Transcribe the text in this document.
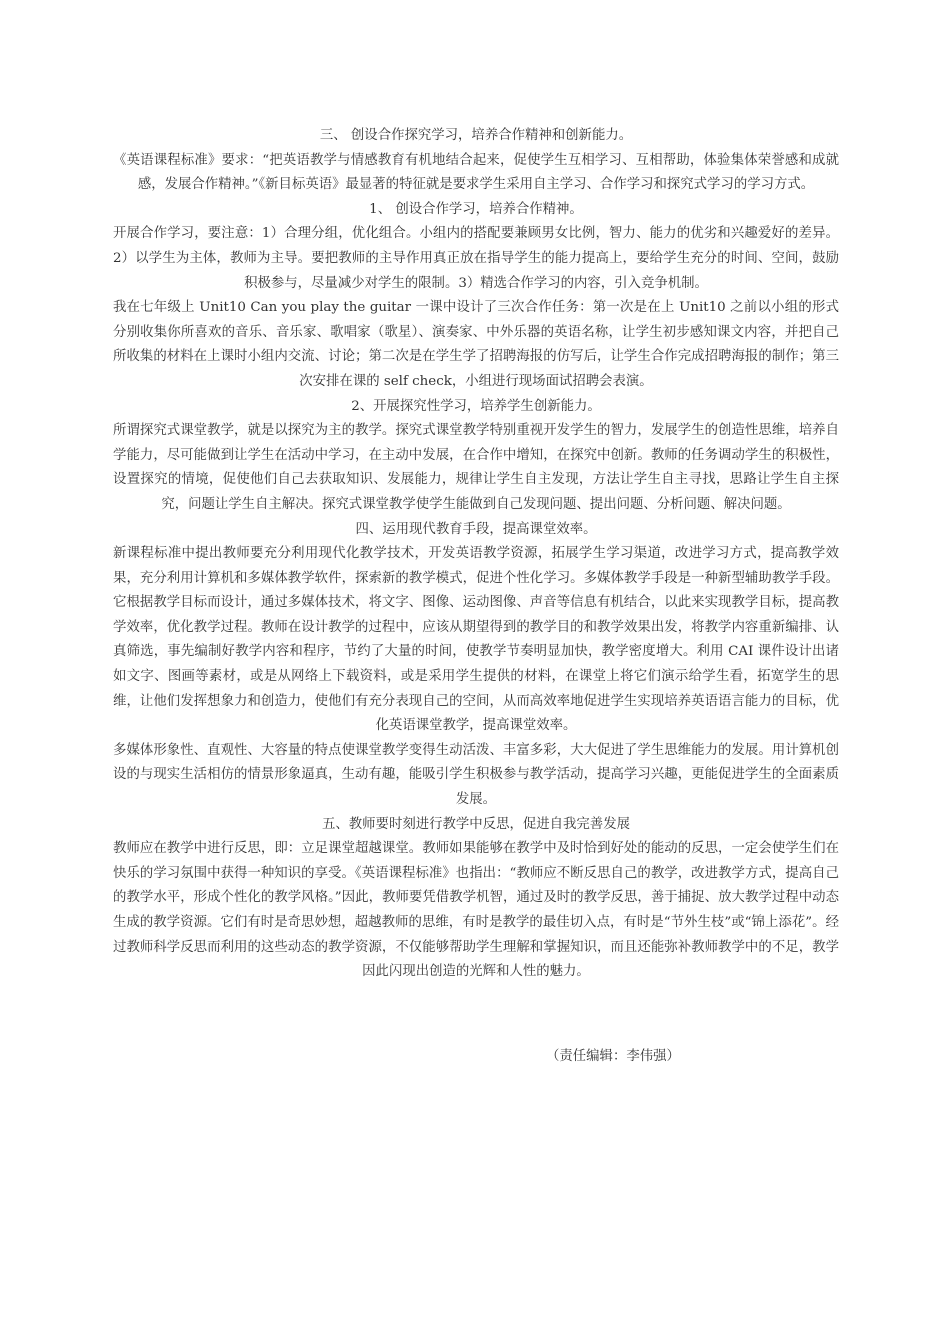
三、 创设合作探究学习，培养合作精神和创新能力。

《英语课程标准》要求：“把英语教学与情感教育有机地结合起来，促使学生互相学习、互相帮助，体验集体荣誉感和成就感，发展合作精神。”《新目标英语》最显著的特征就是要求学生采用自主学习、合作学习和探究式学习的学习方式。

1、 创设合作学习，培养合作精神。

开展合作学习，要注意：1）合理分组，优化组合。小组内的搭配要兼顾男女比例，智力、能力的优劣和兴趣爱好的差异。2）以学生为主体，教师为主导。要把教师的主导作用真正放在指导学生的能力提高上，要给学生充分的时间、空间，鼓励积极参与，尽量减少对学生的限制。3）精选合作学习的内容，引入竞争机制。

我在七年级上 Unit10 Can you play the guitar 一课中设计了三次合作任务：第一次是在上 Unit10 之前以小组的形式分别收集你所喜欢的音乐、音乐家、歌唱家（歌星）、演奏家、中外乐器的英语名称，让学生初步感知课文内容，并把自己所收集的材料在上课时小组内交流、讨论；第二次是在学生学了招聘海报的仿写后，让学生合作完成招聘海报的制作；第三次安排在课的 self check，小组进行现场面试招聘会表演。

2、开展探究性学习，培养学生创新能力。

所谓探究式课堂教学，就是以探究为主的教学。探究式课堂教学特别重视开发学生的智力，发展学生的创造性思维，培养自学能力，尽可能做到让学生在活动中学习，在主动中发展，在合作中增知，在探究中创新。教师的任务调动学生的积极性，设置探究的情境，促使他们自己去获取知识、发展能力，规律让学生自主发现，方法让学生自主寻找，思路让学生自主探究，问题让学生自主解决。探究式课堂教学使学生能做到自己发现问题、提出问题、分析问题、解决问题。

四、运用现代教育手段，提高课堂效率。

新课程标准中提出教师要充分利用现代化教学技术，开发英语教学资源，拓展学生学习渠道，改进学习方式，提高教学效果，充分利用计算机和多媒体教学软件，探索新的教学模式，促进个性化学习。多媒体教学手段是一种新型辅助教学手段。它根据教学目标而设计，通过多媒体技术，将文字、图像、运动图像、声音等信息有机结合，以此来实现教学目标，提高教学效率，优化教学过程。教师在设计教学的过程中，应该从期望得到的教学目的和教学效果出发，将教学内容重新编排、认真筛选，事先编制好教学内容和程序，节约了大量的时间，使教学节奏明显加快，教学密度增大。利用 CAI 课件设计出诸如文字、图画等素材，或是从网络上下载资料，或是采用学生提供的材料，在课堂上将它们演示给学生看，拓宽学生的思维，让他们发挥想象力和创造力，使他们有充分表现自己的空间，从而高效率地促进学生实现培养英语语言能力的目标，优化英语课堂教学，提高课堂效率。

多媒体形象性、直观性、大容量的特点使课堂教学变得生动活泼、丰富多彩，大大促进了学生思维能力的发展。用计算机创设的与现实生活相仿的情景形象逼真，生动有趣，能吸引学生积极参与教学活动，提高学习兴趣，更能促进学生的全面素质发展。

五、教师要时刻进行教学中反思，促进自我完善发展

教师应在教学中进行反思，即：立足课堂超越课堂。教师如果能够在教学中及时恰到好处的能动的反思，一定会使学生们在快乐的学习氛围中获得一种知识的享受。《英语课程标准》也指出：“教师应不断反思自己的教学，改进教学方式，提高自己的教学水平，形成个性化的教学风格。”因此，教师要凭借教学机智，通过及时的教学反思，善于捕捉、放大教学过程中动态生成的教学资源。它们有时是奇思妙想，超越教师的思维，有时是教学的最佳切入点，有时是“节外生枝”或“锦上添花”。经过教师科学反思而利用的这些动态的教学资源，不仅能够帮助学生理解和掌握知识，而且还能弥补教师教学中的不足，教学因此闪现出创造的光辉和人性的魅力。

（责任编辑：李伟强）
